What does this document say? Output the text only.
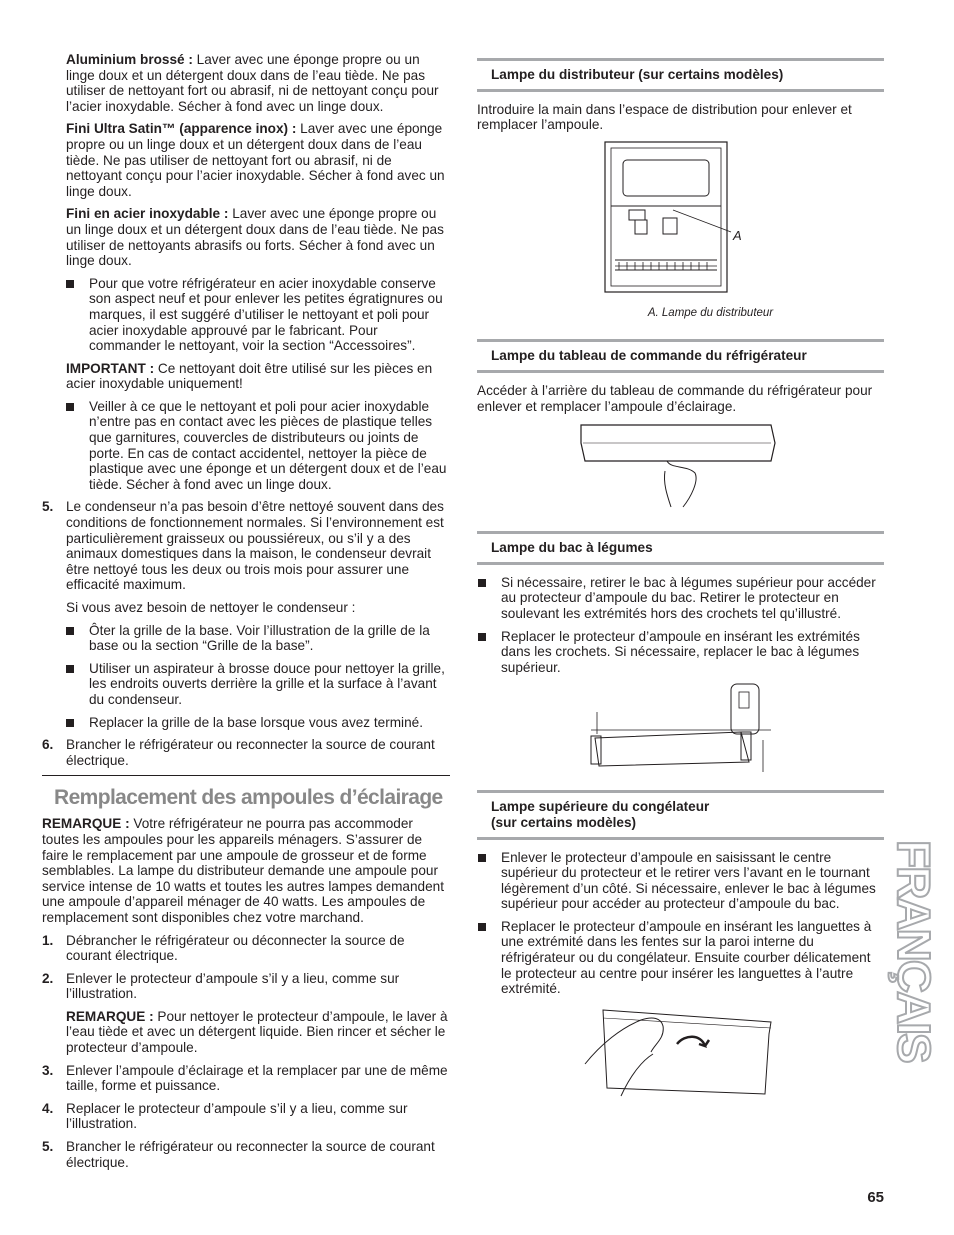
Aluminium brossé : Laver avec une éponge propre ou un linge doux et un détergent doux dans de l’eau tiède. Ne pas utiliser de nettoyant fort ou abrasif, ni de nettoyant conçu pour l’acier inoxydable. Sécher à fond avec un linge doux.

Fini Ultra Satin™ (apparence inox) : Laver avec une éponge propre ou un linge doux et un détergent doux dans de l’eau tiède. Ne pas utiliser de nettoyant fort ou abrasif, ni de nettoyant conçu pour l’acier inoxydable. Sécher à fond avec un linge doux.

Fini en acier inoxydable : Laver avec une éponge propre ou un linge doux et un détergent doux dans de l’eau tiède. Ne pas utiliser de nettoyants abrasifs ou forts. Sécher à fond avec un linge doux.

Pour que votre réfrigérateur en acier inoxydable conserve son aspect neuf et pour enlever les petites égratignures ou marques, il est suggéré d’utiliser le nettoyant et poli pour acier inoxydable approuvé par le fabricant. Pour commander le nettoyant, voir la section “Accessoires”.

IMPORTANT : Ce nettoyant doit être utilisé sur les pièces en acier inoxydable uniquement!

Veiller à ce que le nettoyant et poli pour acier inoxydable n’entre pas en contact avec les pièces de plastique telles que garnitures, couvercles de distributeurs ou joints de porte. En cas de contact accidentel, nettoyer la pièce de plastique avec une éponge et un détergent doux et de l’eau tiède. Sécher à fond avec un linge doux.
5. Le condenseur n’a pas besoin d’être nettoyé souvent dans des conditions de fonctionnement normales. Si l’environnement est particulièrement graisseux ou poussiéreux, ou s’il y a des animaux domestiques dans la maison, le condenseur devrait être nettoyé tous les deux ou trois mois pour assurer une efficacité maximum.

Si vous avez besoin de nettoyer le condenseur :

Ôter la grille de la base. Voir l’illustration de la grille de la base ou la section “Grille de la base”.
Utiliser un aspirateur à brosse douce pour nettoyer la grille, les endroits ouverts derrière la grille et la surface à l’avant du condenseur.
Replacer la grille de la base lorsque vous avez terminé.
6. Brancher le réfrigérateur ou reconnecter la source de courant électrique.
Remplacement des ampoules d’éclairage

REMARQUE : Votre réfrigérateur ne pourra pas accommoder toutes les ampoules pour les appareils ménagers. S’assurer de faire le remplacement par une ampoule de grosseur et de forme semblables. La lampe du distributeur demande une ampoule pour service intense de 10 watts et toutes les autres lampes demandent une ampoule d’appareil ménager de 40 watts. Les ampoules de remplacement sont disponibles chez votre marchand.

1. Débrancher le réfrigérateur ou déconnecter la source de courant électrique.
2. Enlever le protecteur d’ampoule s’il y a lieu, comme sur l’illustration.

REMARQUE : Pour nettoyer le protecteur d’ampoule, le laver à l’eau tiède et avec un détergent liquide. Bien rincer et sécher le protecteur d’ampoule.

3. Enlever l’ampoule d’éclairage et la remplacer par une de même taille, forme et puissance.
4. Replacer le protecteur d’ampoule s’il y a lieu, comme sur l’illustration.
5. Brancher le réfrigérateur ou reconnecter la source de courant électrique.
Lampe du distributeur (sur certains modèles)

Introduire la main dans l’espace de distribution pour enlever et remplacer l’ampoule.

A
A. Lampe du distributeur
Lampe du tableau de commande du réfrigérateur

Accéder à l’arrière du tableau de commande du réfrigérateur pour enlever et remplacer l’ampoule d’éclairage.

Lampe du bac à légumes
Si nécessaire, retirer le bac à légumes supérieur pour accéder au protecteur d’ampoule du bac. Retirer le protecteur en soulevant les extrémités hors des crochets tel qu’illustré.
Replacer le protecteur d’ampoule en insérant les extrémités dans les crochets. Si nécessaire, replacer le bac à légumes supérieur.
Lampe supérieure du congélateur
(sur certains modèles)
Enlever le protecteur d’ampoule en saisissant le centre supérieur du protecteur et le retirer vers l’avant en le tournant légèrement d’un côté. Si nécessaire, enlever le bac à légumes supérieur pour accéder au protecteur d’ampoule du bac.
Replacer le protecteur d’ampoule en insérant les languettes à une extrémité dans les fentes sur la paroi interne du réfrigérateur ou du congélateur. Ensuite courber délicatement le protecteur au centre pour insérer les languettes à l’autre extrémité.	FRANÇAIS
65
